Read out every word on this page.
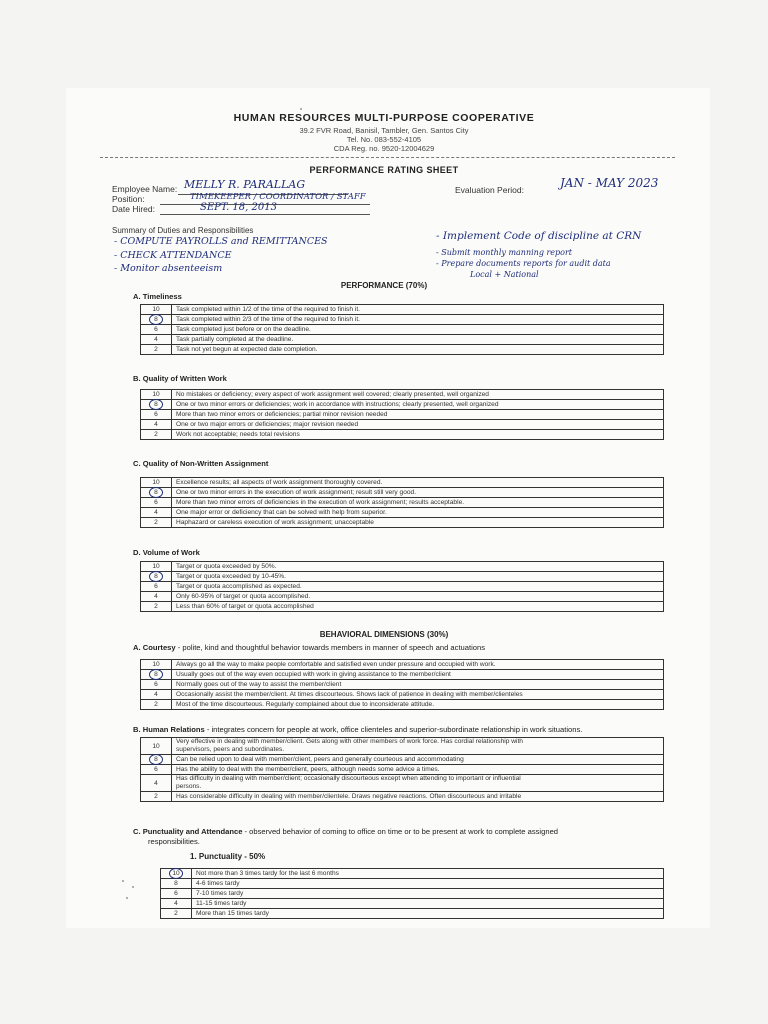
HUMAN RESOURCES MULTI-PURPOSE COOPERATIVE
39.2 FVR Road, Banisil, Tambler, Gen. Santos City
Tel. No. 083-552-4105
CDA Reg. no. 9520-12004629
PERFORMANCE RATING SHEET
Employee Name: MELLY R. PARALLAG
Position:	TIMEKEEPER / COORDINATOR / STAFF
Date Hired:	SEPT. 18, 2013
Evaluation Period:	JAN - MAY 2023
Summary of Duties and Responsibilities
- COMPUTE PAYROLLS and REMITTANCES
- CHECK ATTENDANCE
- Monitor absenteeism
- Implement Code of discipline at CRN
- Submit monthly manning report
- Prepare documents reports for audit data
Local + National
PERFORMANCE (70%)
A. Timeliness
10	Task completed within 1/2 of the time of the required to finish it.
8	Task completed within 2/3 of the time of the required to finish it.
6	Task completed just before or on the deadline.
4	Task partially completed at the deadline.
2	Task not yet begun at expected date completion.
B. Quality of Written Work
10	No mistakes or deficiency; every aspect of work assignment well covered; clearly presented, well organized
8	One or two minor errors or deficiencies; work in accordance with instructions; clearly presented, well organized
6	More than two minor errors or deficiencies; partial minor revision needed
4	One or two major errors or deficiencies; major revision needed
2	Work not acceptable; needs total revisions
C. Quality of Non-Written Assignment
10	Excellence results; all aspects of work assignment thoroughly covered.
8	One or two minor errors in the execution of work assignment; result still very good.
6	More than two minor errors of deficiencies in the execution of work assignment; results acceptable.
4	One major error or deficiency that can be solved with help from superior.
2	Haphazard or careless execution of work assignment; unacceptable
D. Volume of Work
10	Target or quota exceeded by 50%.
8	Target or quota exceeded by 10-45%.
6	Target or quota accomplished as expected.
4	Only 60-95% of target or quota accomplished.
2	Less than 60% of target or quota accomplished
BEHAVIORAL DIMENSIONS (30%)
A. Courtesy - polite, kind and thoughtful behavior towards members in manner of speech and actuations
10	Always go all the way to make people comfortable and satisfied even under pressure and occupied with work.
8	Usually goes out of the way even occupied with work in giving assistance to the member/client
6	Normally goes out of the way to assist the member/client
4	Occasionally assist the member/client. At times discourteous. Shows lack of patience in dealing with member/clienteles
2	Most of the time discourteous. Regularly complained about due to inconsiderate attitude.
B. Human Relations - integrates concern for people at work, office clienteles and superior-subordinate relationship in work situations.
10	Very effective in dealing with member/client. Gets along with other members of work force. Has cordial relationship with
supervisors, peers and subordinates.
8	Can be relied upon to deal with member/client, peers and generally courteous and accommodating
6	Has the ability to deal with the member/client, peers, although needs some advice a times.
4	Has difficulty in dealing with member/client; occasionally discourteous except when attending to important or influential
persons.
2	Has considerable difficulty in dealing with member/clientele. Draws negative reactions. Often discourteous and irritable
C. Punctuality and Attendance - observed behavior of coming to office on time or to be present at work to complete assigned
responsibilities.
1. Punctuality - 50%
10	Not more than 3 times tardy for the last 6 months
8	4-6 times tardy
6	7-10 times tardy
4	11-15 times tardy
2	More than 15 times tardy
